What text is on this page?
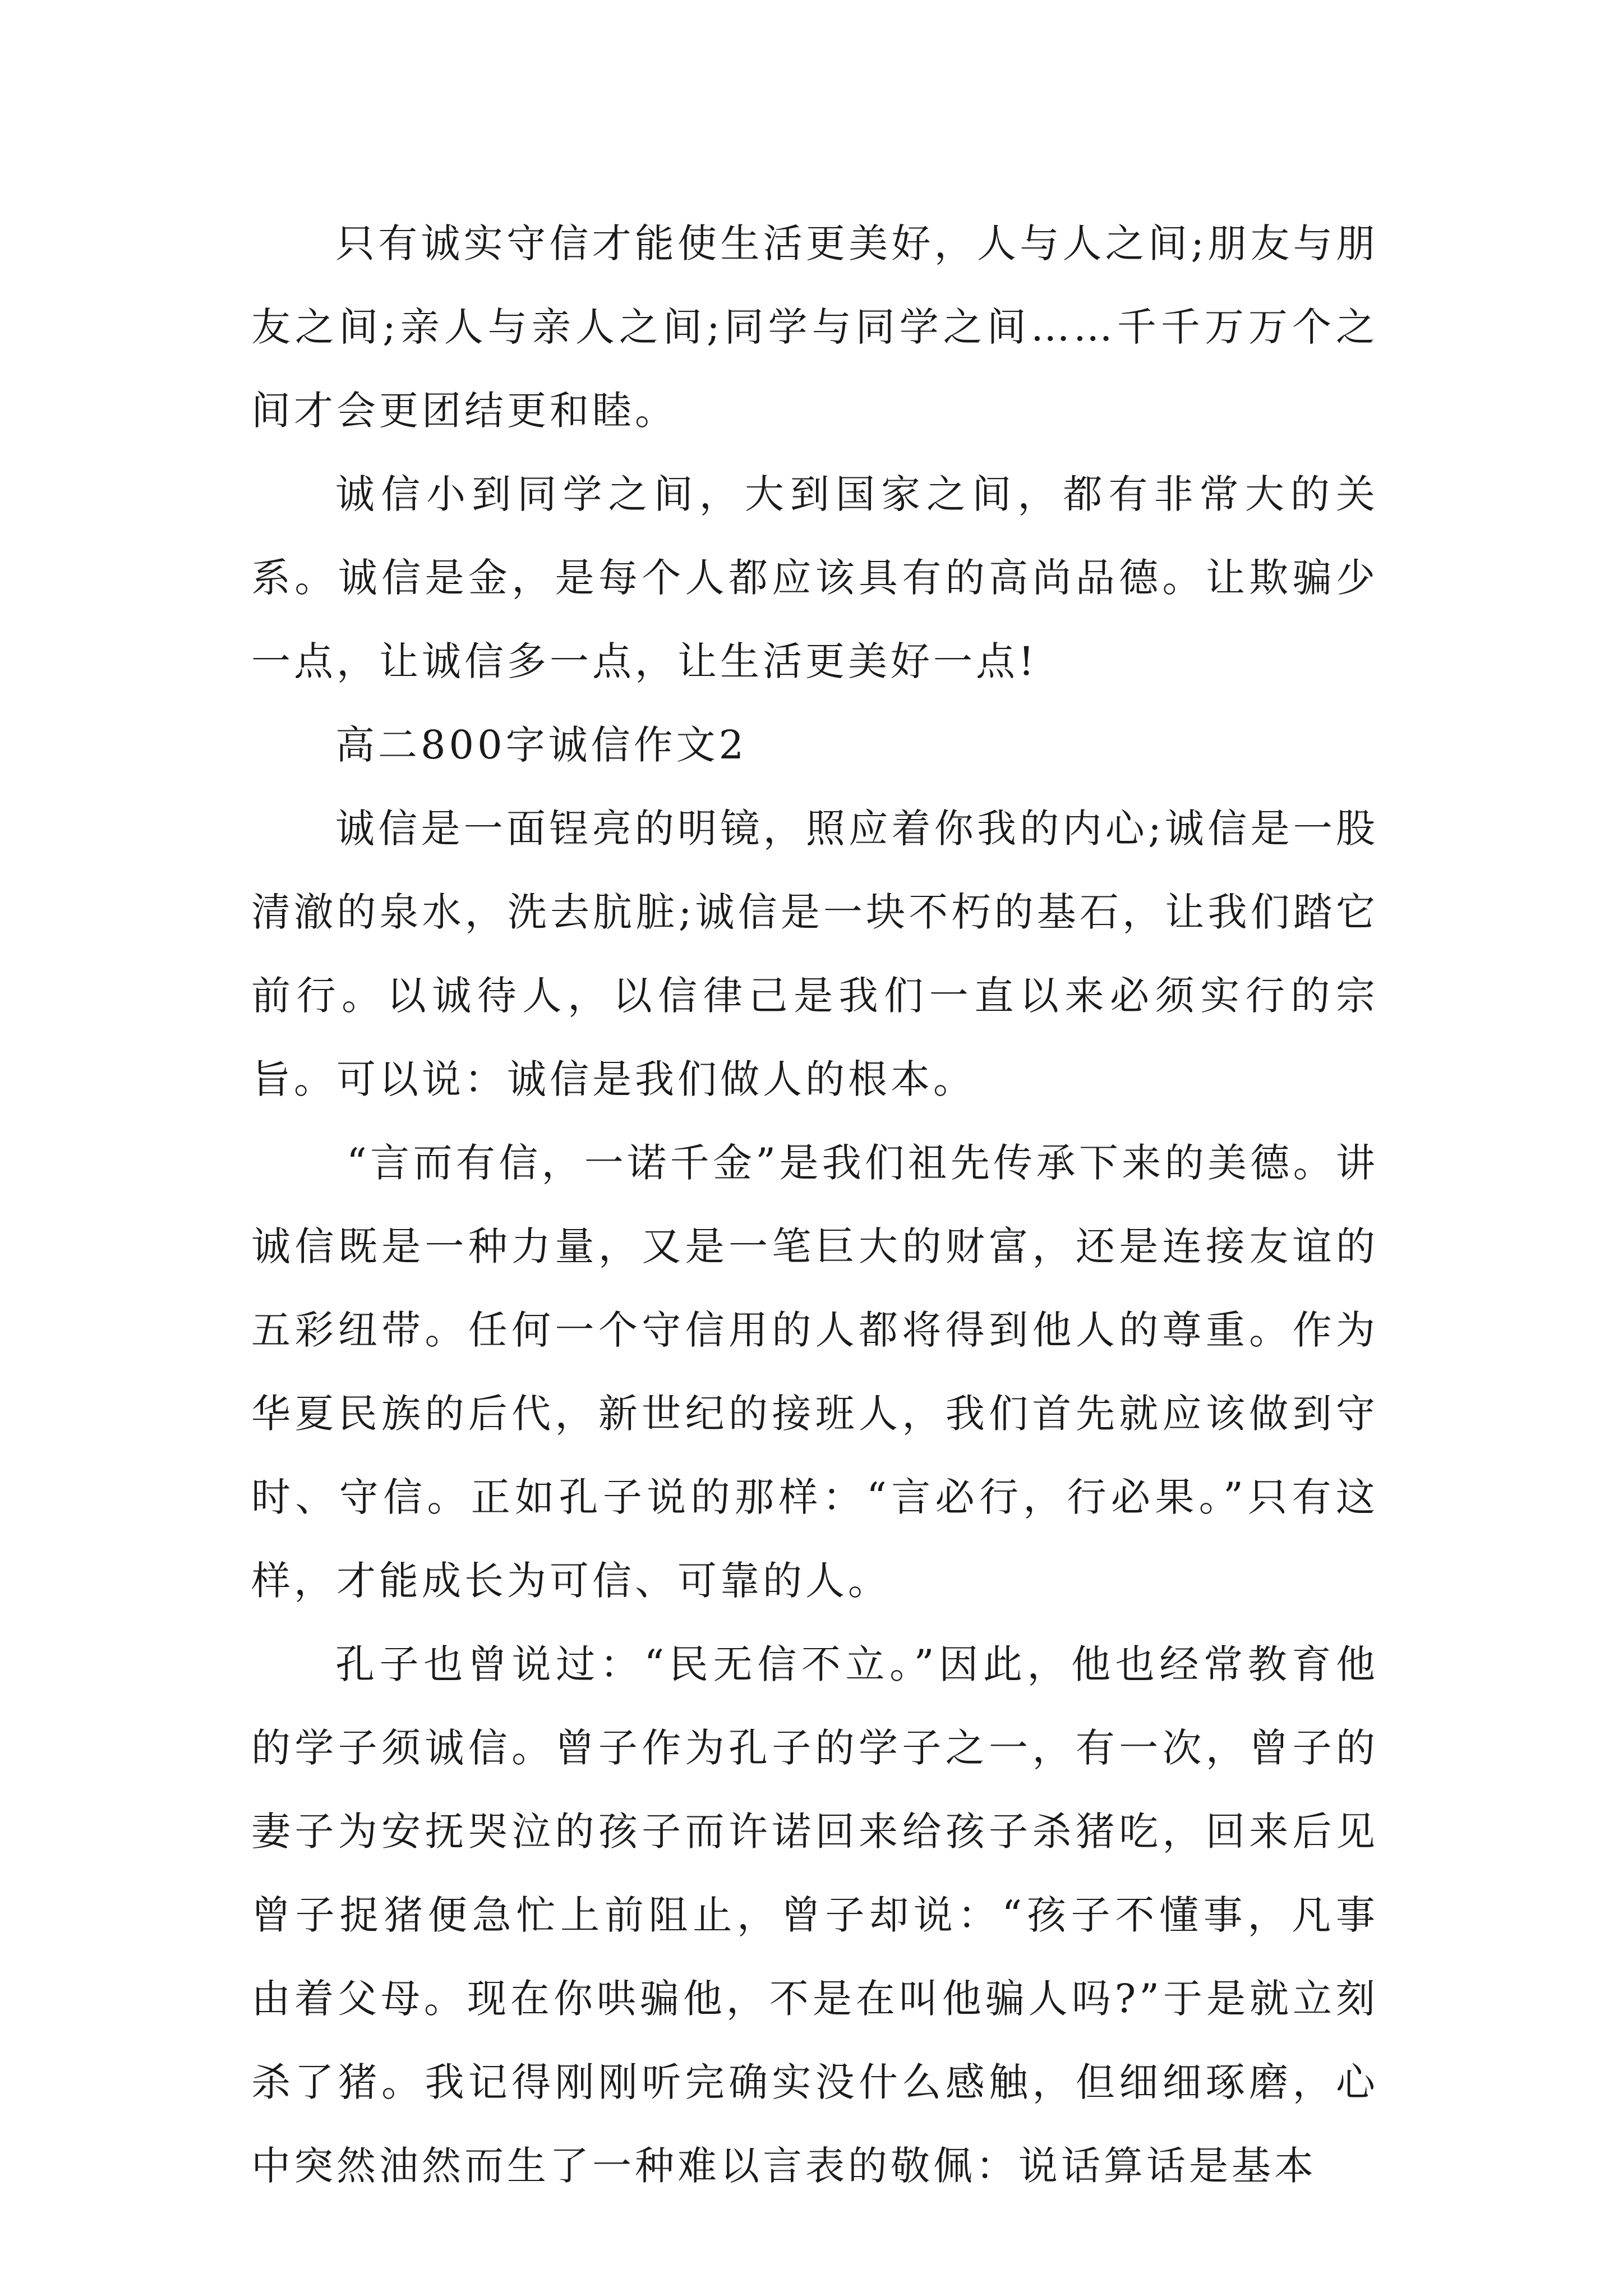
只有诚实守信才能使生活更美好，人与人之间;朋友与朋友之间;亲人与亲人之间;同学与同学之间……千千万万个之间才会更团结更和睦。

诚信小到同学之间，大到国家之间，都有非常大的关系。诚信是金，是每个人都应该具有的高尚品德。让欺骗少一点，让诚信多一点，让生活更美好一点!

高二800字诚信作文2

诚信是一面锃亮的明镜，照应着你我的内心;诚信是一股清澈的泉水，洗去肮脏;诚信是一块不朽的基石，让我们踏它前行。以诚待人，以信律己是我们一直以来必须实行的宗旨。可以说：诚信是我们做人的根本。

“言而有信，一诺千金”是我们祖先传承下来的美德。讲诚信既是一种力量，又是一笔巨大的财富，还是连接友谊的五彩纽带。任何一个守信用的人都将得到他人的尊重。作为华夏民族的后代，新世纪的接班人，我们首先就应该做到守时、守信。正如孔子说的那样：“言必行，行必果。”只有这样，才能成长为可信、可靠的人。

孔子也曾说过：“民无信不立。”因此，他也经常教育他的学子须诚信。曾子作为孔子的学子之一，有一次，曾子的妻子为安抚哭泣的孩子而许诺回来给孩子杀猪吃，回来后见曾子捉猪便急忙上前阻止，曾子却说：“孩子不懂事，凡事由着父母。现在你哄骗他，不是在叫他骗人吗?”于是就立刻杀了猪。我记得刚刚听完确实没什么感触，但细细琢磨，心中突然油然而生了一种难以言表的敬佩：说话算话是基本
